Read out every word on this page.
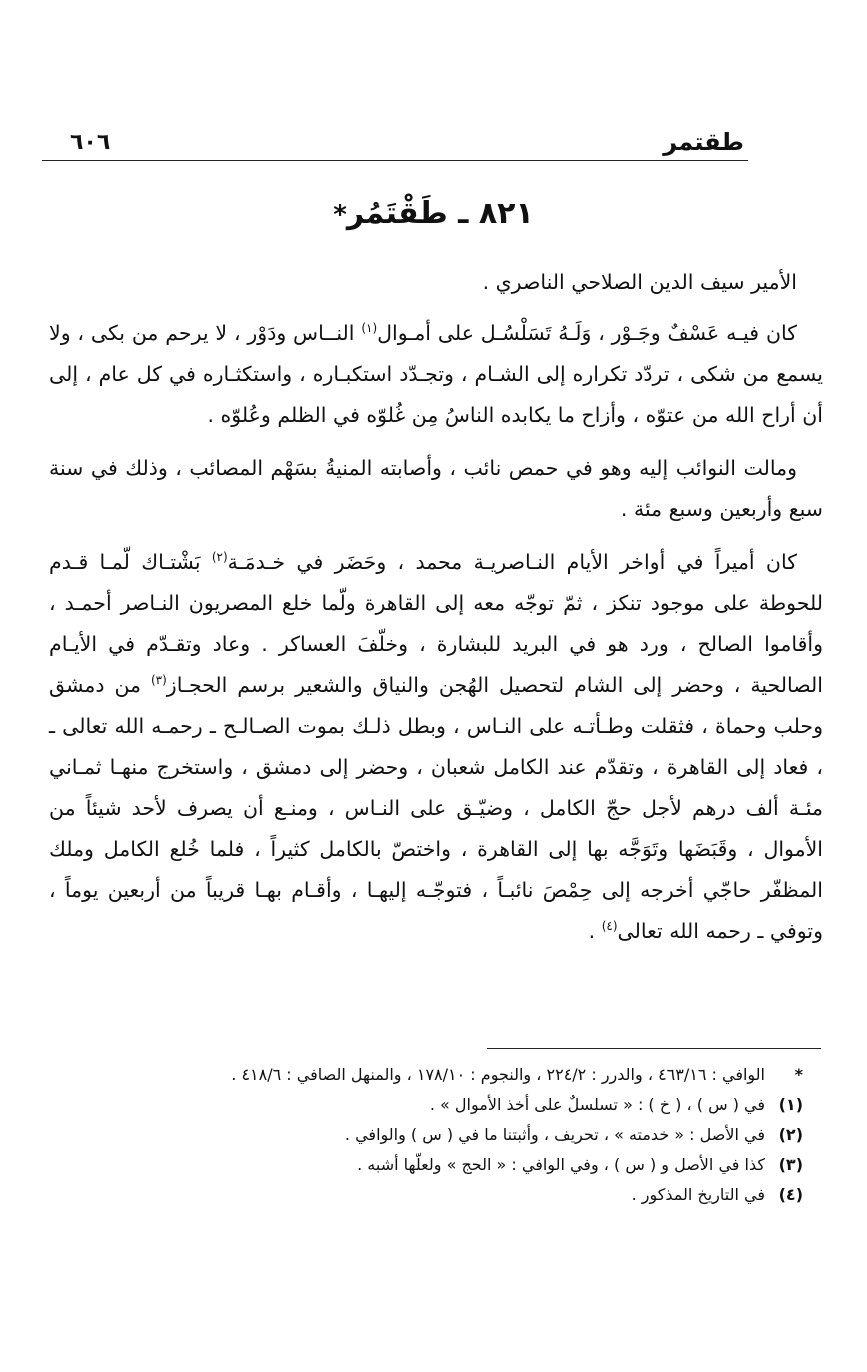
طقتمر
٦٠٦
٨٢١ ـ طَقْتَمُر*

الأمير سيف الدين الصلاحي الناصري .

كان فيـه عَسْفٌ وجَـوْر ، وَلَـهُ تَسَلْسُـل على أمـوال$^{(١)}$ النــاس ودَوْر ، لا يرحم من بكى ، ولا يسمع من شكى ، تردّد تكراره إلى الشـام ، وتجـدّد استكبـاره ، واستكثـاره في كل عام ، إلى أن أراح الله من عتوّه ، وأزاح ما يكابده الناسُ مِن غُلوّه في الظلم وعُلوّه .

ومالت النوائب إليه وهو في حمص نائب ، وأصابته المنيةُ بسَهْم المصائب ، وذلك في سنة سبع وأربعين وسبع مئة .

كان أميراً في أواخر الأيام النـاصريـة محمد ، وحَضَر في خـدمَـة$^{(٢)}$ بَشْتـاك لّمـا قـدم للحوطة على موجود تنكز ، ثمّ توجّه معه إلى القاهرة ولّما خلع المصريون النـاصر أحمـد ، وأقاموا الصالح ، ورد هو في البريد للبشارة ، وخلّفَ العساكر . وعاد وتقـدّم في الأيـام الصالحية ، وحضر إلى الشام لتحصيل الهُجن والنياق والشعير برسم الحجـاز$^{(٣)}$ من دمشق وحلب وحماة ، فثقلت وطـأتـه على النـاس ، وبطل ذلـك بموت الصـالـح ـ رحمـه الله تعالى ـ ، فعاد إلى القاهرة ، وتقدّم عند الكامل شعبان ، وحضر إلى دمشق ، واستخرج منهـا ثمـاني مئـة ألف درهم لأجل حجّ الكامل ، وضيّـق على النـاس ، ومنـع أن يصرف لأحد شيئاً من الأموال ، وقَبَضَها وتَوَجَّه بها إلى القاهرة ، واختصّ بالكامل كثيراً ، فلما خُلع الكامل وملك المظفّر حاجّي أخرجه إلى حِمْصَ نائبـاً ، فتوجّـه إليهـا ، وأقـام بهـا قريباً من أربعين يوماً ، وتوفي ـ رحمه الله تعالى$^{(٤)}$ .

*
الوافي : ٤٦٣/١٦ ، والدرر : ٢٢٤/٢ ، والنجوم : ١٧٨/١٠ ، والمنهل الصافي : ٤١٨/٦ .
(١)
في ( س ) ، ( خ ) : « تسلسلٌ على أخذ الأموال » .
(٢)
في الأصل : « خدمته » ، تحريف ، وأثبتنا ما في ( س ) والوافي .
(٣)
كذا في الأصل و ( س ) ، وفي الوافي : « الحج » ولعلّها أشبه .
(٤)
في التاريخ المذكور .
